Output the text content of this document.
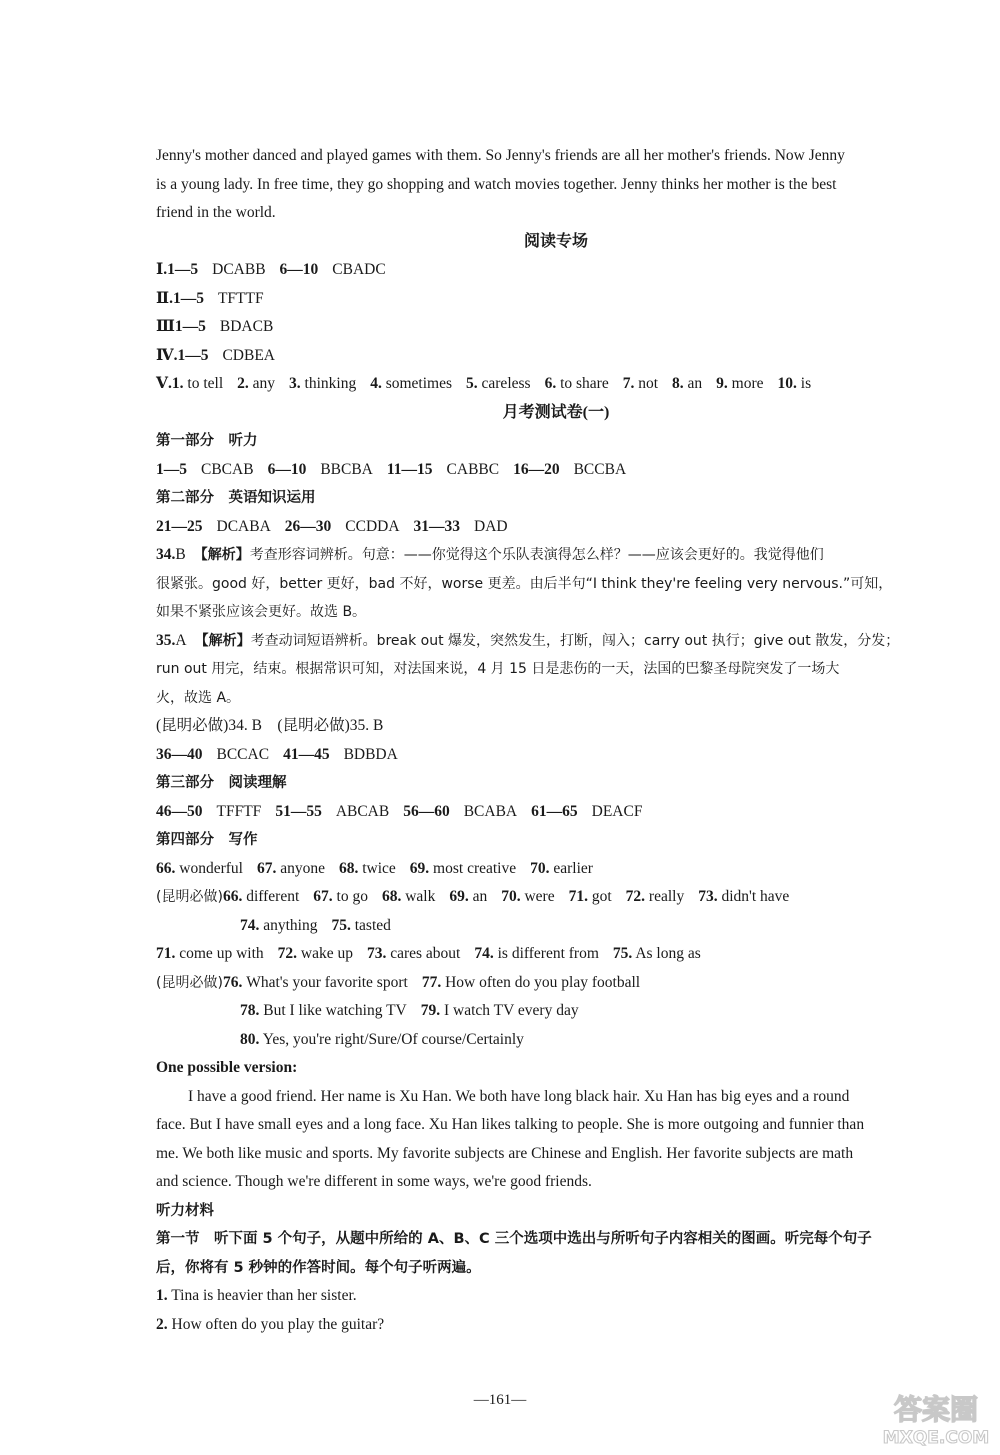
Jenny's mother danced and played games with them. So Jenny's friends are all her mother's friends. Now Jenny
is a young lady. In free time, they go shopping and watch movies together. Jenny thinks her mother is the best
friend in the world.
阅读专场
Ⅰ.1—5 DCABB 6—10 CBADC
Ⅱ.1—5 TFTTF
Ⅲ1—5 BDACB
Ⅳ.1—5 CDBEA
Ⅴ.1. to tell 2. any 3. thinking 4. sometimes 5. careless 6. to share 7. not 8. an 9. more 10. is
月考测试卷(一)
第一部分　听力
1—5 CBCAB 6—10 BBCBA 11—15 CABBC 16—20 BCCBA
第二部分　英语知识运用
21—25 DCABA 26—30 CCDDA 31—33 DAD
34.B 【解析】考查形容词辨析。句意：——你觉得这个乐队表演得怎么样？——应该会更好的。我觉得他们
很紧张。good 好，better 更好，bad 不好，worse 更差。由后半句“I think they're feeling very nervous.”可知，
如果不紧张应该会更好。故选 B。
35.A 【解析】考查动词短语辨析。break out 爆发，突然发生，打断，闯入；carry out 执行；give out 散发，分发；
run out 用完，结束。根据常识可知，对法国来说，4 月 15 日是悲伤的一天，法国的巴黎圣母院突发了一场大
火，故选 A。
(昆明必做)34. B　(昆明必做)35. B
36—40 BCCAC 41—45 BDBDA
第三部分　阅读理解
46—50 TFFTF 51—55 ABCAB 56—60 BCABA 61—65 DEACF
第四部分　写作
66. wonderful 67. anyone 68. twice 69. most creative 70. earlier
(昆明必做)66. different 67. to go 68. walk 69. an 70. were 71. got 72. really 73. didn't have
74. anything 75. tasted
71. come up with 72. wake up 73. cares about 74. is different from 75. As long as
(昆明必做)76. What's your favorite sport 77. How often do you play football
78. But I like watching TV 79. I watch TV every day
80. Yes, you're right/Sure/Of course/Certainly
One possible version:
I have a good friend. Her name is Xu Han. We both have long black hair. Xu Han has big eyes and a round
face. But I have small eyes and a long face. Xu Han likes talking to people. She is more outgoing and funnier than
me. We both like music and sports. My favorite subjects are Chinese and English. Her favorite subjects are math
and science. Though we're different in some ways, we're good friends.
听力材料
第一节　听下面 5 个句子，从题中所给的 A、B、C 三个选项中选出与所听句子内容相关的图画。听完每个句子
后，你将有 5 秒钟的作答时间。每个句子听两遍。
1. Tina is heavier than her sister.
2. How often do you play the guitar?
—161—	答案圈
MXQE.COM
